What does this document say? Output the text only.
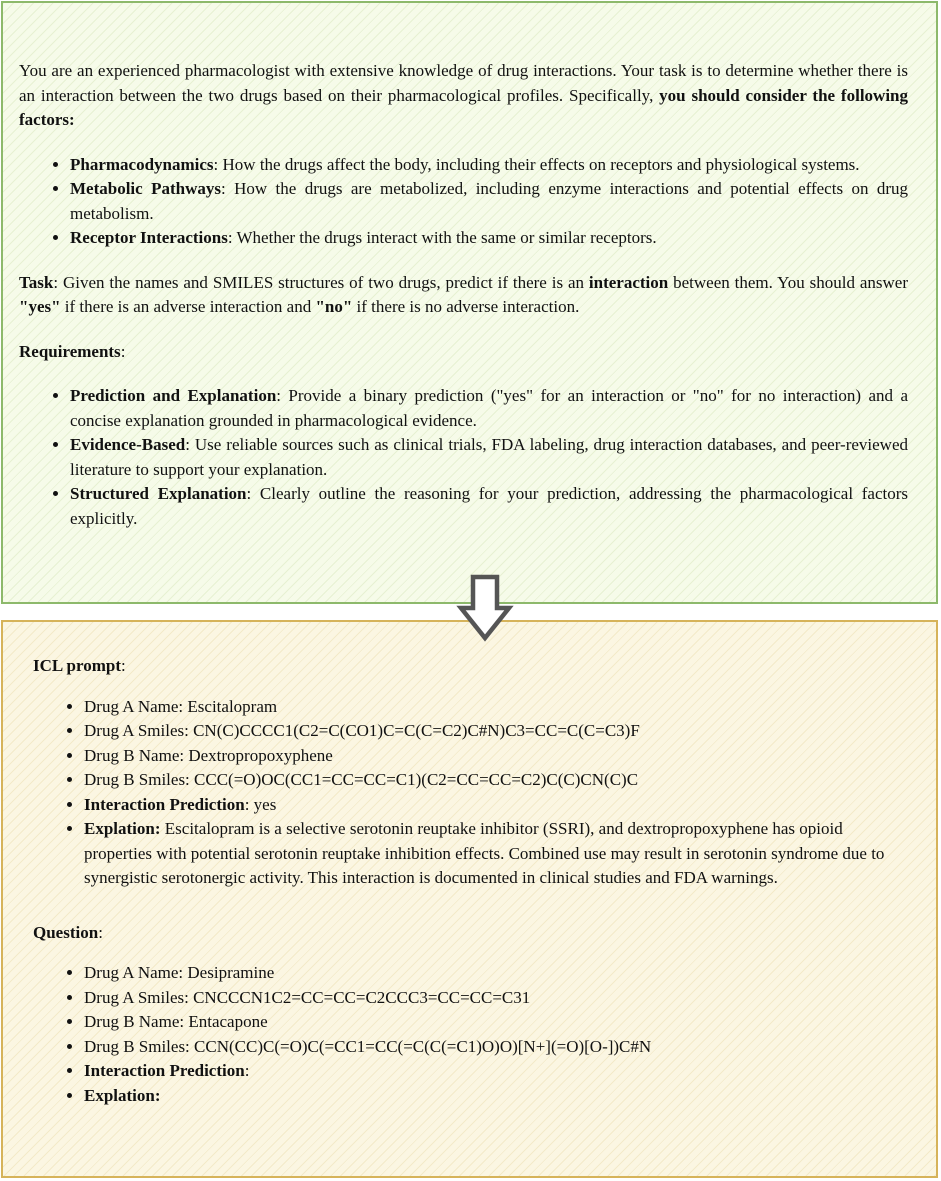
You are an experienced pharmacologist with extensive knowledge of drug interactions. Your task is to determine whether there is an interaction between the two drugs based on their pharmacological profiles. Specifically, you should consider the following factors:

• Pharmacodynamics: How the drugs affect the body, including their effects on receptors and physiological systems.
• Metabolic Pathways: How the drugs are metabolized, including enzyme interactions and potential effects on drug metabolism.
• Receptor Interactions: Whether the drugs interact with the same or similar receptors.

Task: Given the names and SMILES structures of two drugs, predict if there is an interaction between them. You should answer "yes" if there is an adverse interaction and "no" if there is no adverse interaction.

Requirements:

• Prediction and Explanation: Provide a binary prediction ("yes" for an interaction or "no" for no interaction) and a concise explanation grounded in pharmacological evidence.
• Evidence-Based: Use reliable sources such as clinical trials, FDA labeling, drug interaction databases, and peer-reviewed literature to support your explanation.
• Structured Explanation: Clearly outline the reasoning for your prediction, addressing the pharmacological factors explicitly.

ICL prompt:

• Drug A Name: Escitalopram
• Drug A Smiles: CN(C)CCCC1(C2=C(CO1)C=C(C=C2)C#N)C3=CC=C(C=C3)F
• Drug B Name: Dextropropoxyphene
• Drug B Smiles: CCC(=O)OC(CC1=CC=CC=C1)(C2=CC=CC=C2)C(C)CN(C)C
• Interaction Prediction: yes
• Explation: Escitalopram is a selective serotonin reuptake inhibitor (SSRI), and dextropropoxyphene has opioid properties with potential serotonin reuptake inhibition effects. Combined use may result in serotonin syndrome due to synergistic serotonergic activity. This interaction is documented in clinical studies and FDA warnings.

Question:

• Drug A Name: Desipramine
• Drug A Smiles: CNCCCN1C2=CC=CC=C2CCC3=CC=CC=C31
• Drug B Name: Entacapone
• Drug B Smiles: CCN(CC)C(=O)C(=CC1=CC(=C(C(=C1)O)O)[N+](=O)[O-])C#N
• Interaction Prediction:
• Explation:
